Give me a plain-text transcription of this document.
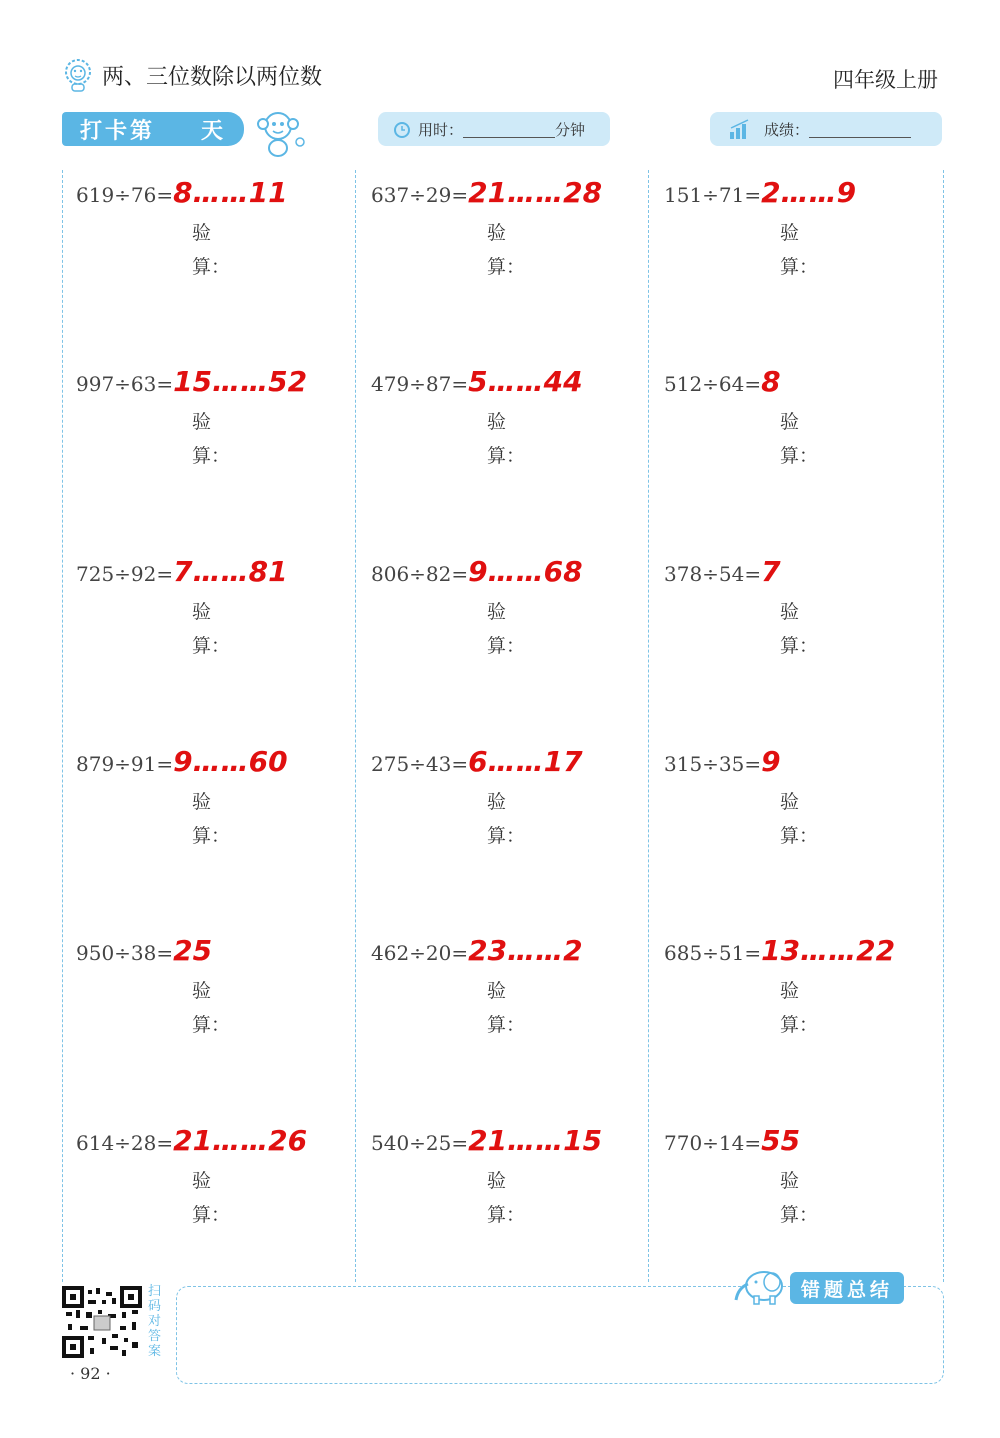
两、三位数除以两位数	四年级上册
打卡第 天	用时：	分钟	成绩：
619÷76=8……11
验
算：
997÷63=15……52
验
算：
725÷92=7……81
验
算：
879÷91=9……60
验
算：
950÷38=25
验
算：
614÷28=21……26
验
算：
637÷29=21……28
验
算：
479÷87=5……44
验
算：
806÷82=9……68
验
算：
275÷43=6……17
验
算：
462÷20=23……2
验
算：
540÷25=21……15
验
算：
151÷71=2……9
验
算：
512÷64=8
验
算：
378÷54=7
验
算：
315÷35=9
验
算：
685÷51=13……22
验
算：
770÷14=55
验
算：
扫码对答案
· 92 ·
错题总结
